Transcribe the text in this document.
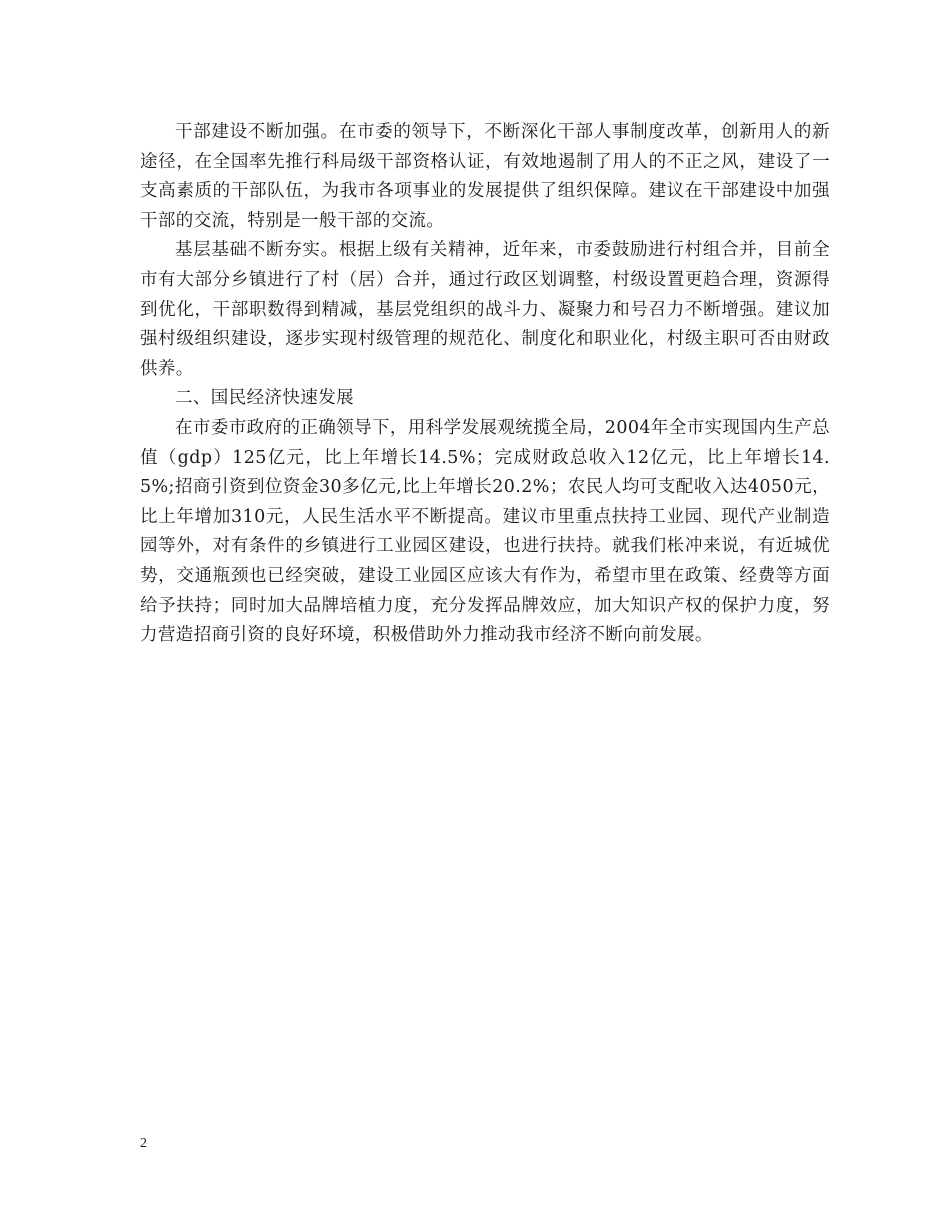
干部建设不断加强。在市委的领导下，不断深化干部人事制度改革，创新用人的新途径，在全国率先推行科局级干部资格认证，有效地遏制了用人的不正之风，建设了一支高素质的干部队伍，为我市各项事业的发展提供了组织保障。建议在干部建设中加强干部的交流，特别是一般干部的交流。

基层基础不断夯实。根据上级有关精神，近年来，市委鼓励进行村组合并，目前全市有大部分乡镇进行了村（居）合并，通过行政区划调整，村级设置更趋合理，资源得到优化，干部职数得到精减，基层党组织的战斗力、凝聚力和号召力不断增强。建议加强村级组织建设，逐步实现村级管理的规范化、制度化和职业化，村级主职可否由财政供养。

二、国民经济快速发展

在市委市政府的正确领导下，用科学发展观统揽全局，2004年全市实现国内生产总值（gdp）125亿元，比上年增长14.5%；完成财政总收入12亿元，比上年增长14.5%;招商引资到位资金30多亿元,比上年增长20.2%；农民人均可支配收入达4050元，比上年增加310元，人民生活水平不断提高。建议市里重点扶持工业园、现代产业制造园等外，对有条件的乡镇进行工业园区建设，也进行扶持。就我们枨冲来说，有近城优势，交通瓶颈也已经突破，建设工业园区应该大有作为，希望市里在政策、经费等方面给予扶持；同时加大品牌培植力度，充分发挥品牌效应，加大知识产权的保护力度，努力营造招商引资的良好环境，积极借助外力推动我市经济不断向前发展。

2
